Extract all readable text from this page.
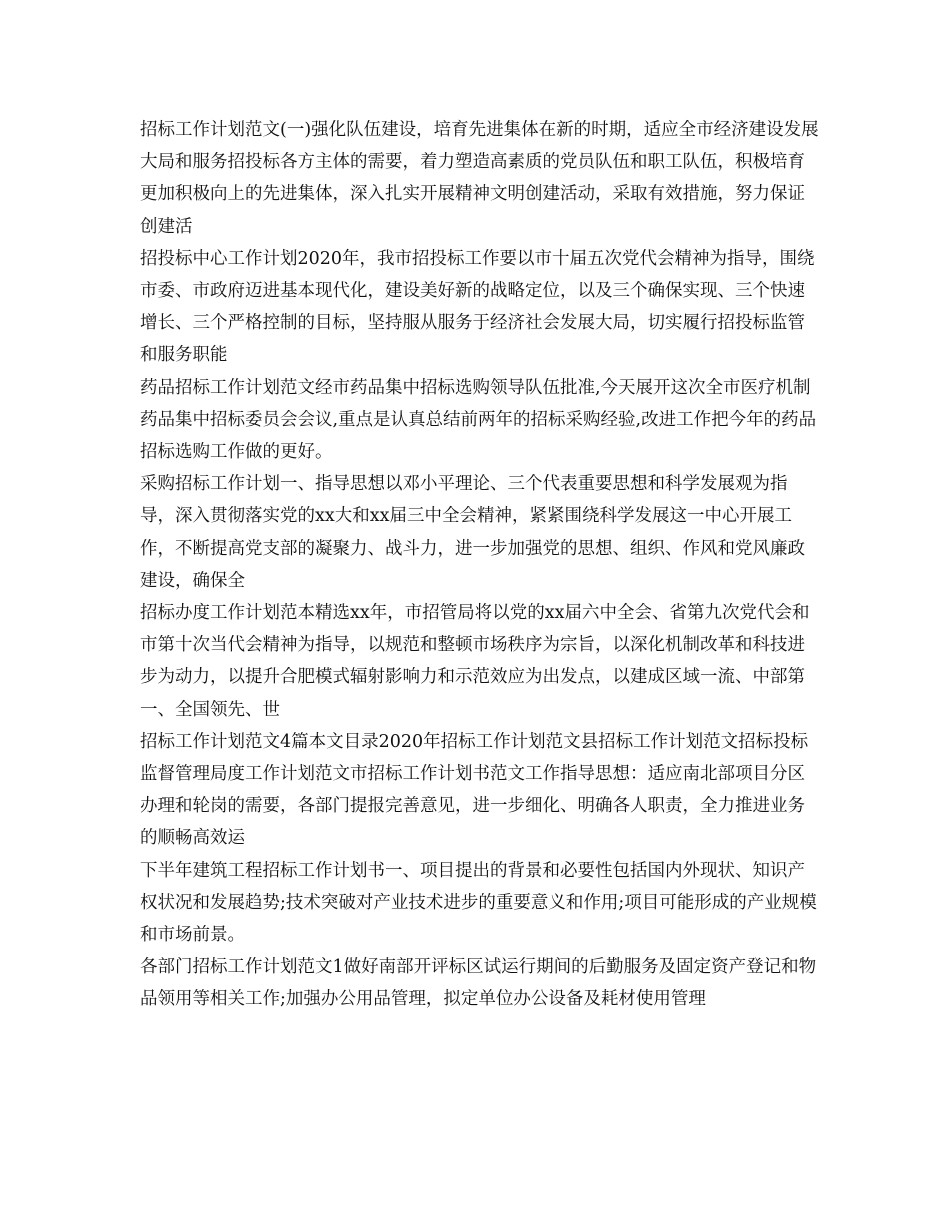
招标工作计划范文(一)强化队伍建设，培育先进集体在新的时期，适应全市经济建设发展大局和服务招投标各方主体的需要，着力塑造高素质的党员队伍和职工队伍，积极培育更加积极向上的先进集体，深入扎实开展精神文明创建活动，采取有效措施，努力保证创建活

招投标中心工作计划2020年，我市招投标工作要以市十届五次党代会精神为指导，围绕市委、市政府迈进基本现代化，建设美好新的战略定位，以及三个确保实现、三个快速增长、三个严格控制的目标，坚持服从服务于经济社会发展大局，切实履行招投标监管和服务职能

药品招标工作计划范文经市药品集中招标选购领导队伍批准,今天展开这次全市医疗机制药品集中招标委员会会议,重点是认真总结前两年的招标采购经验,改进工作把今年的药品招标选购工作做的更好。

采购招标工作计划一、指导思想以邓小平理论、三个代表重要思想和科学发展观为指导，深入贯彻落实党的xx大和xx届三中全会精神，紧紧围绕科学发展这一中心开展工作，不断提高党支部的凝聚力、战斗力，进一步加强党的思想、组织、作风和党风廉政建设，确保全

招标办度工作计划范本精选xx年，市招管局将以党的xx届六中全会、省第九次党代会和市第十次当代会精神为指导，以规范和整顿市场秩序为宗旨，以深化机制改革和科技进步为动力，以提升合肥模式辐射影响力和示范效应为出发点，以建成区域一流、中部第一、全国领先、世

招标工作计划范文4篇本文目录2020年招标工作计划范文县招标工作计划范文招标投标监督管理局度工作计划范文市招标工作计划书范文工作指导思想：适应南北部项目分区办理和轮岗的需要，各部门提报完善意见，进一步细化、明确各人职责，全力推进业务的顺畅高效运

下半年建筑工程招标工作计划书一、项目提出的背景和必要性包括国内外现状、知识产权状况和发展趋势;技术突破对产业技术进步的重要意义和作用;项目可能形成的产业规模和市场前景。

各部门招标工作计划范文1做好南部开评标区试运行期间的后勤服务及固定资产登记和物品领用等相关工作;加强办公用品管理，拟定单位办公设备及耗材使用管理
